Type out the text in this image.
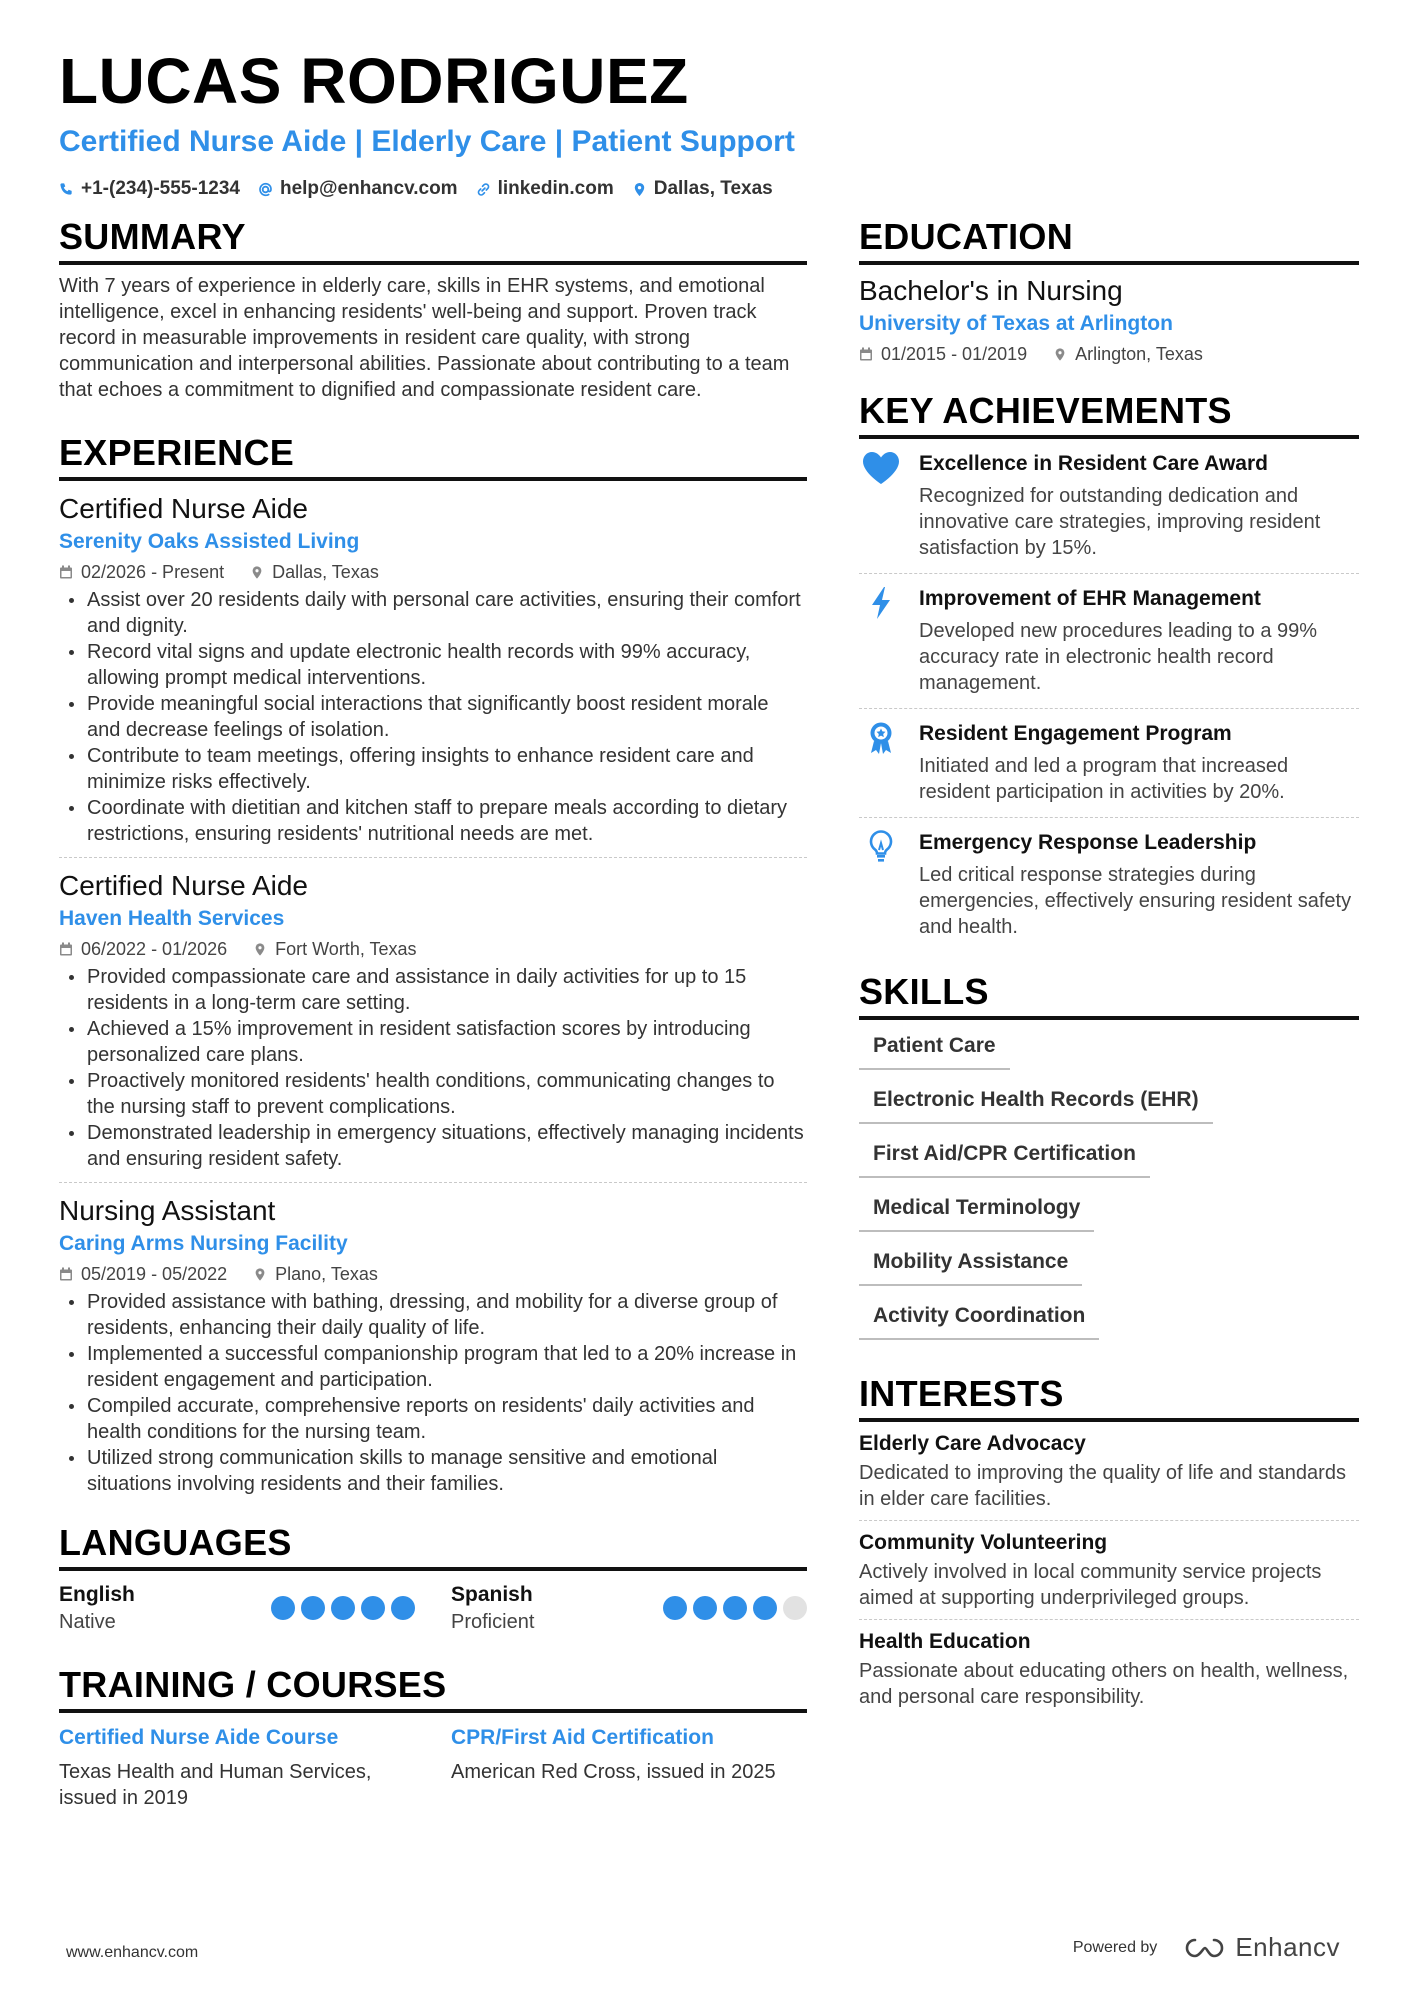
LUCAS RODRIGUEZ
Certified Nurse Aide | Elderly Care | Patient Support
+1-(234)-555-1234 help@enhancv.com linkedin.com Dallas, Texas
SUMMARY
With 7 years of experience in elderly care, skills in EHR systems, and emotional intelligence, excel in enhancing residents' well-being and support. Proven track record in measurable improvements in resident care quality, with strong communication and interpersonal abilities. Passionate about contributing to a team that echoes a commitment to dignified and compassionate resident care.
EXPERIENCE
Certified Nurse Aide
Serenity Oaks Assisted Living
02/2026 - Present	Dallas, Texas
Assist over 20 residents daily with personal care activities, ensuring their comfort and dignity.
Record vital signs and update electronic health records with 99% accuracy, allowing prompt medical interventions.
Provide meaningful social interactions that significantly boost resident morale and decrease feelings of isolation.
Contribute to team meetings, offering insights to enhance resident care and minimize risks effectively.
Coordinate with dietitian and kitchen staff to prepare meals according to dietary restrictions, ensuring residents' nutritional needs are met.
Certified Nurse Aide
Haven Health Services
06/2022 - 01/2026	Fort Worth, Texas
Provided compassionate care and assistance in daily activities for up to 15 residents in a long-term care setting.
Achieved a 15% improvement in resident satisfaction scores by introducing personalized care plans.
Proactively monitored residents' health conditions, communicating changes to the nursing staff to prevent complications.
Demonstrated leadership in emergency situations, effectively managing incidents and ensuring resident safety.
Nursing Assistant
Caring Arms Nursing Facility
05/2019 - 05/2022	Plano, Texas
Provided assistance with bathing, dressing, and mobility for a diverse group of residents, enhancing their daily quality of life.
Implemented a successful companionship program that led to a 20% increase in resident engagement and participation.
Compiled accurate, comprehensive reports on residents' daily activities and health conditions for the nursing team.
Utilized strong communication skills to manage sensitive and emotional situations involving residents and their families.
LANGUAGES
English
Native
Spanish
Proficient
TRAINING / COURSES
Certified Nurse Aide Course
Texas Health and Human Services, issued in 2019
CPR/First Aid Certification
American Red Cross, issued in 2025
EDUCATION
Bachelor's in Nursing
University of Texas at Arlington
01/2015 - 01/2019	Arlington, Texas
KEY ACHIEVEMENTS
Excellence in Resident Care Award
Recognized for outstanding dedication and innovative care strategies, improving resident satisfaction by 15%.
Improvement of EHR Management
Developed new procedures leading to a 99% accuracy rate in electronic health record management.
Resident Engagement Program
Initiated and led a program that increased resident participation in activities by 20%.
Emergency Response Leadership
Led critical response strategies during emergencies, effectively ensuring resident safety and health.
SKILLS
Patient Care
Electronic Health Records (EHR)
First Aid/CPR Certification
Medical Terminology
Mobility Assistance
Activity Coordination
INTERESTS
Elderly Care Advocacy
Dedicated to improving the quality of life and standards in elder care facilities.
Community Volunteering
Actively involved in local community service projects aimed at supporting underprivileged groups.
Health Education
Passionate about educating others on health, wellness, and personal care responsibility.
www.enhancv.com	Powered by	Enhancv
